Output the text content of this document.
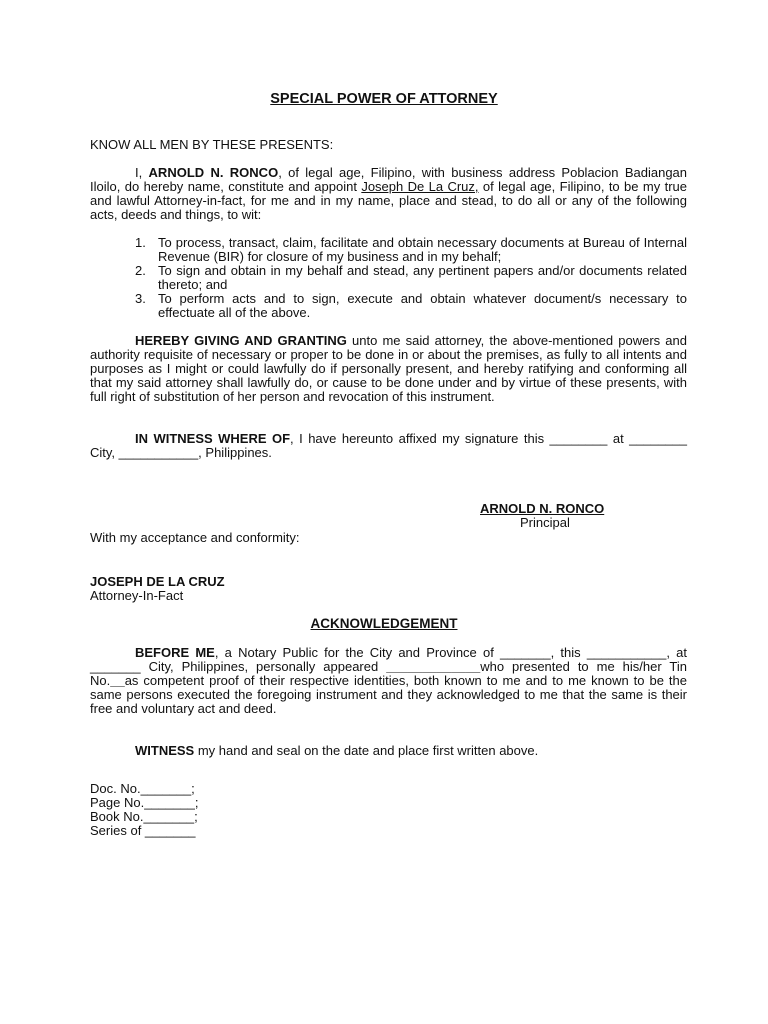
SPECIAL POWER OF ATTORNEY
KNOW ALL MEN BY THESE PRESENTS:
I, ARNOLD N. RONCO, of legal age, Filipino, with business address Poblacion Badiangan Iloilo, do hereby name, constitute and appoint Joseph De La Cruz, of legal age, Filipino, to be my true and lawful Attorney-in-fact, for me and in my name, place and stead, to do all or any of the following acts, deeds and things, to wit:
1. To process, transact, claim, facilitate and obtain necessary documents at Bureau of Internal Revenue (BIR) for closure of my business and in my behalf;
2. To sign and obtain in my behalf and stead, any pertinent papers and/or documents related thereto; and
3. To perform acts and to sign, execute and obtain whatever document/s necessary to effectuate all of the above.
HEREBY GIVING AND GRANTING unto me said attorney, the above-mentioned powers and authority requisite of necessary or proper to be done in or about the premises, as fully to all intents and purposes as I might or could lawfully do if personally present, and hereby ratifying and conforming all that my said attorney shall lawfully do, or cause to be done under and by virtue of these presents, with full right of substitution of her person and revocation of this instrument.
IN WITNESS WHERE OF, I have hereunto affixed my signature this ________ at ________ City, ___________, Philippines.
ARNOLD N. RONCO
Principal
With my acceptance and conformity:
JOSEPH DE LA CRUZ
Attorney-In-Fact
ACKNOWLEDGEMENT
BEFORE ME, a Notary Public for the City and Province of _______, this ___________, at _______ City, Philippines, personally appeared _____________who presented to me his/her Tin No.__as competent proof of their respective identities, both known to me and to me known to be the same persons executed the foregoing instrument and they acknowledged to me that the same is their free and voluntary act and deed.
WITNESS my hand and seal on the date and place first written above.
Doc. No._______;
Page No._______;
Book No._______;
Series of _______
